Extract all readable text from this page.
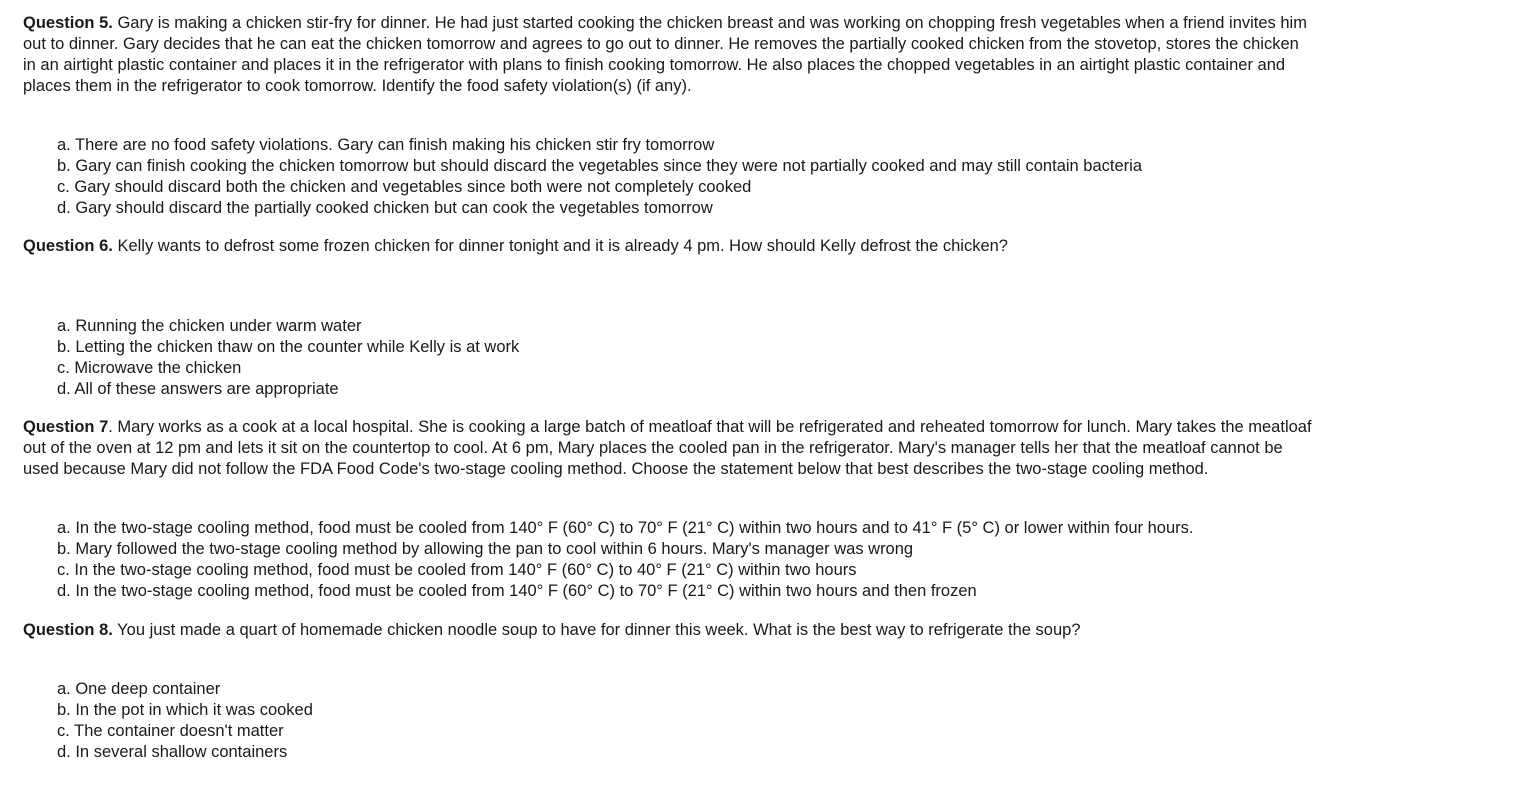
Question 5. Gary is making a chicken stir-fry for dinner. He had just started cooking the chicken breast and was working on chopping fresh vegetables when a friend invites him out to dinner. Gary decides that he can eat the chicken tomorrow and agrees to go out to dinner. He removes the partially cooked chicken from the stovetop, stores the chicken in an airtight plastic container and places it in the refrigerator with plans to finish cooking tomorrow. He also places the chopped vegetables in an airtight plastic container and places them in the refrigerator to cook tomorrow. Identify the food safety violation(s) (if any).

a. There are no food safety violations. Gary can finish making his chicken stir fry tomorrow
b. Gary can finish cooking the chicken tomorrow but should discard the vegetables since they were not partially cooked and may still contain bacteria
c. Gary should discard both the chicken and vegetables since both were not completely cooked
d. Gary should discard the partially cooked chicken but can cook the vegetables tomorrow

Question 6. Kelly wants to defrost some frozen chicken for dinner tonight and it is already 4 pm. How should Kelly defrost the chicken?

a. Running the chicken under warm water
b. Letting the chicken thaw on the counter while Kelly is at work
c. Microwave the chicken
d. All of these answers are appropriate

Question 7. Mary works as a cook at a local hospital. She is cooking a large batch of meatloaf that will be refrigerated and reheated tomorrow for lunch. Mary takes the meatloaf out of the oven at 12 pm and lets it sit on the countertop to cool. At 6 pm, Mary places the cooled pan in the refrigerator. Mary's manager tells her that the meatloaf cannot be used because Mary did not follow the FDA Food Code's two-stage cooling method. Choose the statement below that best describes the two-stage cooling method.

a. In the two-stage cooling method, food must be cooled from 140° F (60° C) to 70° F (21° C) within two hours and to 41° F (5° C) or lower within four hours.
b. Mary followed the two-stage cooling method by allowing the pan to cool within 6 hours. Mary's manager was wrong
c. In the two-stage cooling method, food must be cooled from 140° F (60° C) to 40° F (21° C) within two hours
d. In the two-stage cooling method, food must be cooled from 140° F (60° C) to 70° F (21° C) within two hours and then frozen

Question 8. You just made a quart of homemade chicken noodle soup to have for dinner this week. What is the best way to refrigerate the soup?

a. One deep container
b. In the pot in which it was cooked
c. The container doesn't matter
d. In several shallow containers
